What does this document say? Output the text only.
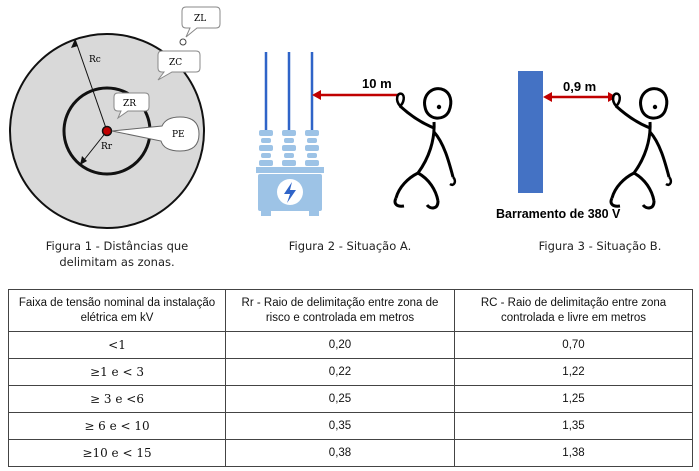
Rc
Rr
ZL
ZC
ZR
PE
Figura 1 - Distâncias que
delimitam as zonas.
10 m
Figura 2 - Situação A.
0,9 m
Barramento de 380 V
Figura 3 - Situação B.
Faixa de tensão nominal da instalação elétrica em kV	Rr - Raio de delimitação entre zona de risco e controlada em metros	RC - Raio de delimitação entre zona controlada e livre em metros
<1	0,20	0,70
≥1 e < 3	0,22	1,22
≥ 3 e <6	0,25	1,25
≥ 6 e < 10	0,35	1,35
≥10 e < 15	0,38	1,38
